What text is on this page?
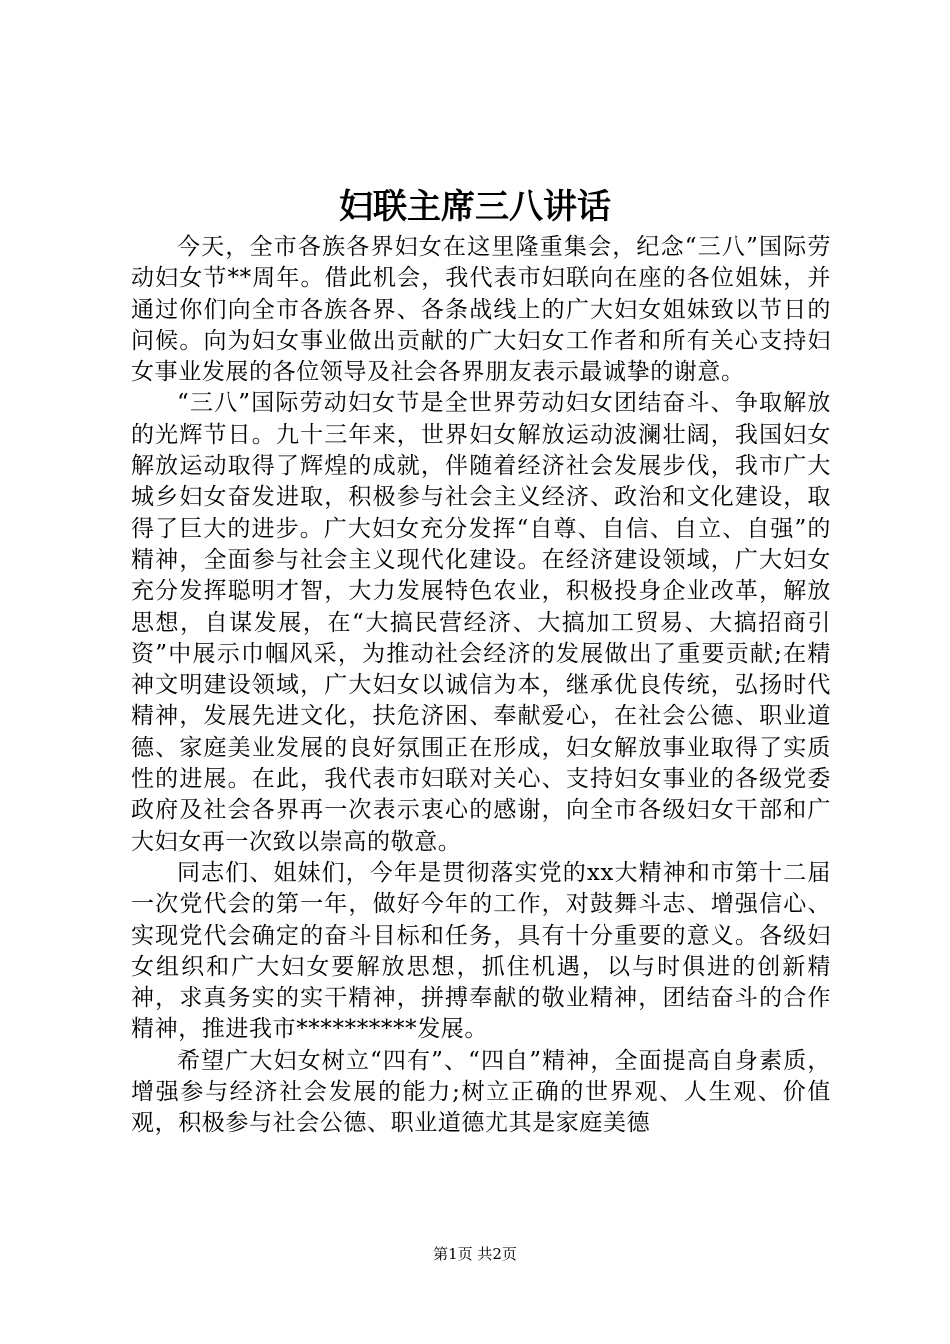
妇联主席三八讲话

今天，全市各族各界妇女在这里隆重集会，纪念“三八”国际劳动妇女节**周年。借此机会，我代表市妇联向在座的各位姐妹，并通过你们向全市各族各界、各条战线上的广大妇女姐妹致以节日的问候。向为妇女事业做出贡献的广大妇女工作者和所有关心支持妇女事业发展的各位领导及社会各界朋友表示最诚挚的谢意。

“三八”国际劳动妇女节是全世界劳动妇女团结奋斗、争取解放的光辉节日。九十三年来，世界妇女解放运动波澜壮阔，我国妇女解放运动取得了辉煌的成就，伴随着经济社会发展步伐，我市广大城乡妇女奋发进取，积极参与社会主义经济、政治和文化建设，取得了巨大的进步。广大妇女充分发挥“自尊、自信、自立、自强”的精神，全面参与社会主义现代化建设。在经济建设领域，广大妇女充分发挥聪明才智，大力发展特色农业，积极投身企业改革，解放思想，自谋发展，在“大搞民营经济、大搞加工贸易、大搞招商引资”中展示巾帼风采，为推动社会经济的发展做出了重要贡献;在精神文明建设领域，广大妇女以诚信为本，继承优良传统，弘扬时代精神，发展先进文化，扶危济困、奉献爱心，在社会公德、职业道德、家庭美业发展的良好氛围正在形成，妇女解放事业取得了实质性的进展。在此，我代表市妇联对关心、支持妇女事业的各级党委政府及社会各界再一次表示衷心的感谢，向全市各级妇女干部和广大妇女再一次致以崇高的敬意。

同志们、姐妹们，今年是贯彻落实党的xx大精神和市第十二届一次党代会的第一年，做好今年的工作，对鼓舞斗志、增强信心、实现党代会确定的奋斗目标和任务，具有十分重要的意义。各级妇女组织和广大妇女要解放思想，抓住机遇，以与时俱进的创新精神，求真务实的实干精神，拼搏奉献的敬业精神，团结奋斗的合作精神，推进我市**********发展。

希望广大妇女树立“四有”、“四自”精神，全面提高自身素质，增强参与经济社会发展的能力;树立正确的世界观、人生观、价值观，积极参与社会公德、职业道德尤其是家庭美德

第1页 共2页
